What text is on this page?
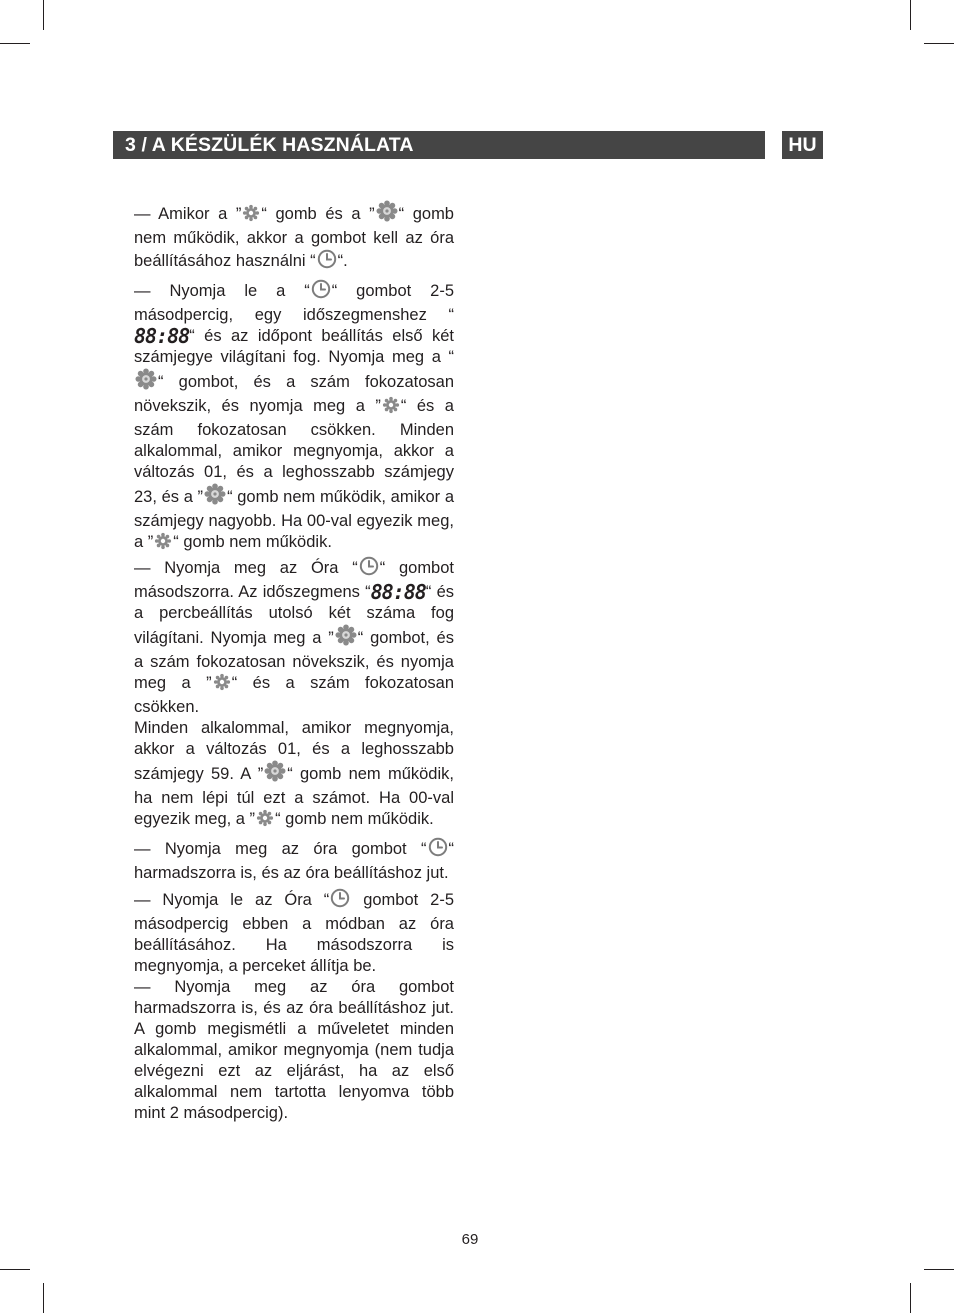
3 / A KÉSZÜLÉK HASZNÁLATA	HU

— Amikor a ” “ gomb és a ” “ gomb nem működik, akkor a gombot kell az óra beállításához használni “ “.

— Nyomja le a “ “ gombot 2-5 másodpercig, egy időszegmenshez “88:88“ és az időpont beállítás első két számjegye világítani fog. Nyomja meg a ““ gombot, és a szám fokozatosan növekszik, és nyomja meg a ” “ és a szám fokozatosan csökken. Minden alkalommal, amikor megnyomja, akkor a változás 01, és a leghosszabb számjegy 23, és a ” “ gomb nem működik, amikor a számjegy nagyobb. Ha 00-val egyezik meg, a ” “ gomb nem működik.

— Nyomja meg az Óra “ “ gombot másodszorra. Az időszegmens “88:88“ és a percbeállítás utolsó két száma fog világítani. Nyomja meg a ” “ gombot, és a szám fokozatosan növekszik, és nyomja meg a ” “ és a szám fokozatosan csökken.

Minden alkalommal, amikor megnyomja, akkor a változás 01, és a leghosszabb számjegy 59. A ” “ gomb nem működik, ha nem lépi túl ezt a számot. Ha 00-val egyezik meg, a ” “ gomb nem működik.

— Nyomja meg az óra gombot “ “ harmadszorra is, és az óra beállításhoz jut.

— Nyomja le az Óra “ gombot 2-5 másodpercig ebben a módban az óra beállításához. Ha másodszorra is megnyomja, a perceket állítja be.

— Nyomja meg az óra gombot harmadszorra is, és az óra beállításhoz jut. A gomb megismétli a műveletet minden alkalommal, amikor megnyomja (nem tudja elvégezni ezt az eljárást, ha az első alkalommal nem tartotta lenyomva több mint 2 másodpercig).

69
